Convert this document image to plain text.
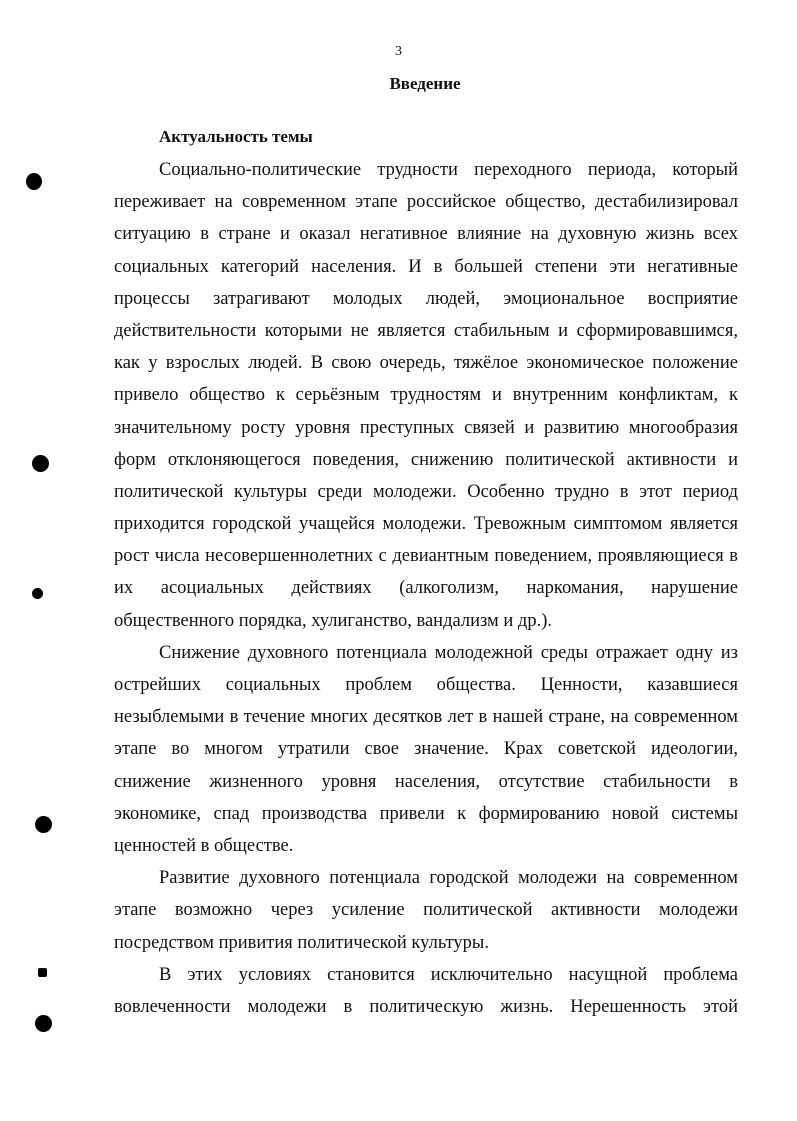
3
Введение
Актуальность темы
Социально-политические трудности переходного периода, который
переживает на современном этапе российское общество, дестабилизировал
ситуацию в стране и оказал негативное влияние на духовную жизнь всех
социальных категорий населения. И в большей степени эти негативные
процессы затрагивают молодых людей, эмоциональное восприятие
действительности которыми не является стабильным и сформировавшимся,
как у взрослых людей. В свою очередь, тяжёлое экономическое положение
привело общество к серьёзным трудностям и внутренним конфликтам, к
значительному росту уровня преступных связей и развитию многообразия
форм отклоняющегося поведения, снижению политической активности и
политической культуры среди молодежи. Особенно трудно в этот период
приходится городской учащейся молодежи. Тревожным симптомом является
рост числа несовершеннолетних с девиантным поведением, проявляющиеся в
их асоциальных действиях (алкоголизм, наркомания, нарушение
общественного порядка, хулиганство, вандализм и др.).
Снижение духовного потенциала молодежной среды отражает одну из
острейших социальных проблем общества. Ценности, казавшиеся
незыблемыми в течение многих десятков лет в нашей стране, на современном
этапе во многом утратили свое значение. Крах советской идеологии,
снижение жизненного уровня населения, отсутствие стабильности в
экономике, спад производства привели к формированию новой системы
ценностей в обществе.
Развитие духовного потенциала городской молодежи на современном
этапе возможно через усиление политической активности молодежи
посредством привития политической культуры.
В этих условиях становится исключительно насущной проблема
вовлеченности молодежи в политическую жизнь. Нерешенность этой
